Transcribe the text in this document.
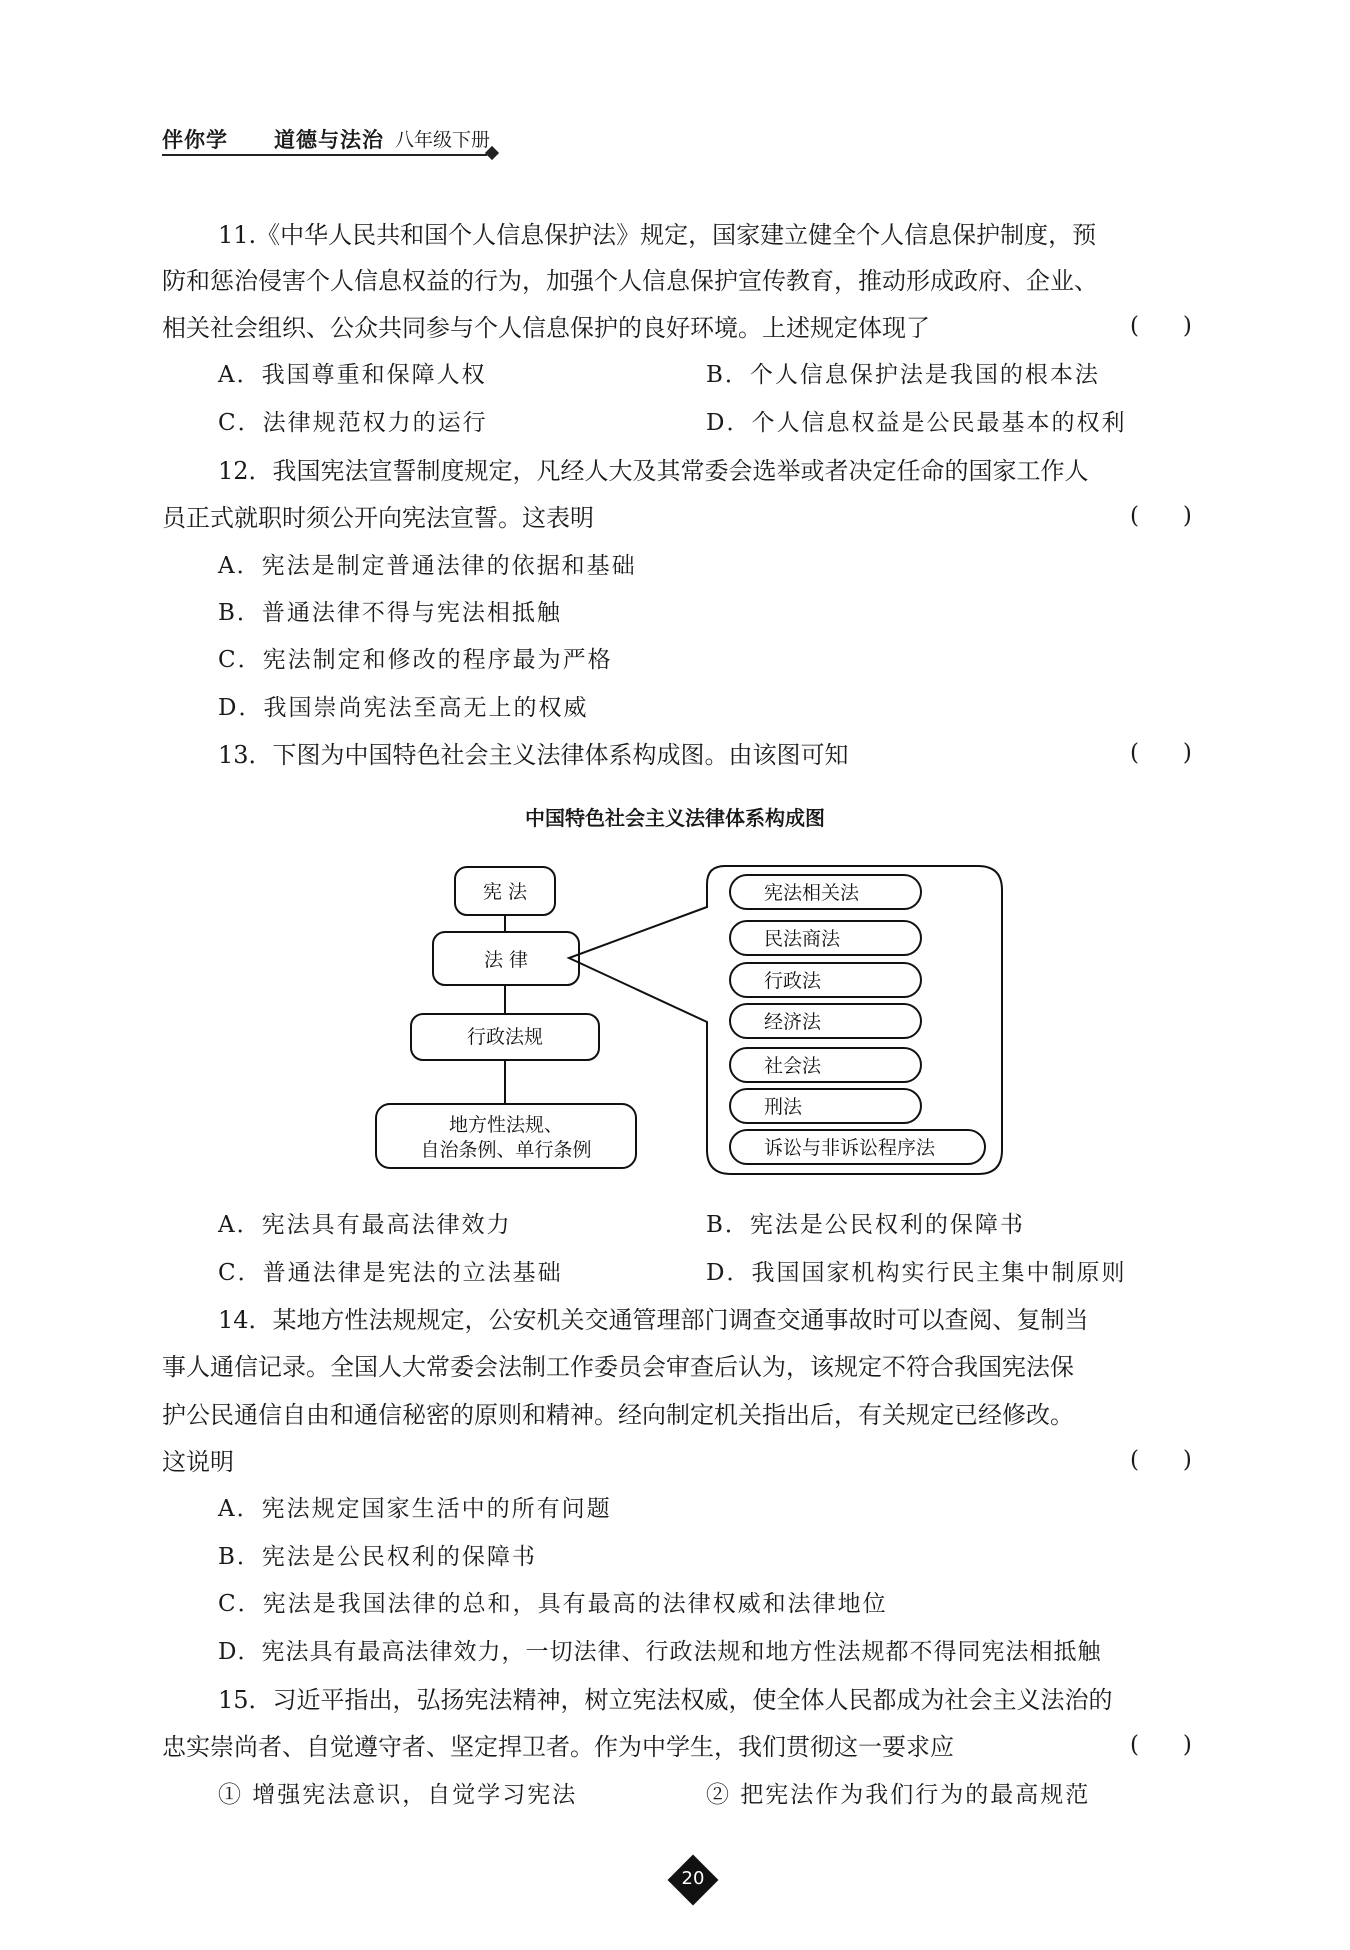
伴你学 道德与法治 八年级下册
11.《中华人民共和国个人信息保护法》规定，国家建立健全个人信息保护制度，预
防和惩治侵害个人信息权益的行为，加强个人信息保护宣传教育，推动形成政府、企业、
相关社会组织、公众共同参与个人信息保护的良好环境。上述规定体现了	(      )
A．我国尊重和保障人权	B．个人信息保护法是我国的根本法
C．法律规范权力的运行	D．个人信息权益是公民最基本的权利
12．我国宪法宣誓制度规定，凡经人大及其常委会选举或者决定任命的国家工作人
员正式就职时须公开向宪法宣誓。这表明	(      )
A．宪法是制定普通法律的依据和基础
B．普通法律不得与宪法相抵触
C．宪法制定和修改的程序最为严格
D．我国崇尚宪法至高无上的权威
13．下图为中国特色社会主义法律体系构成图。由该图可知	(      )
中国特色社会主义法律体系构成图
宪 法
法 律
行政法规
地方性法规、
自治条例、单行条例
宪法相关法
民法商法
行政法
经济法
社会法
刑法
诉讼与非诉讼程序法
A．宪法具有最高法律效力	B．宪法是公民权利的保障书
C．普通法律是宪法的立法基础	D．我国国家机构实行民主集中制原则
14．某地方性法规规定，公安机关交通管理部门调查交通事故时可以查阅、复制当
事人通信记录。全国人大常委会法制工作委员会审查后认为，该规定不符合我国宪法保
护公民通信自由和通信秘密的原则和精神。经向制定机关指出后，有关规定已经修改。
这说明	(      )
A．宪法规定国家生活中的所有问题
B．宪法是公民权利的保障书
C．宪法是我国法律的总和，具有最高的法律权威和法律地位
D．宪法具有最高法律效力，一切法律、行政法规和地方性法规都不得同宪法相抵触
15．习近平指出，弘扬宪法精神，树立宪法权威，使全体人民都成为社会主义法治的
忠实崇尚者、自觉遵守者、坚定捍卫者。作为中学生，我们贯彻这一要求应	(      )
① 增强宪法意识，自觉学习宪法	② 把宪法作为我们行为的最高规范
20
